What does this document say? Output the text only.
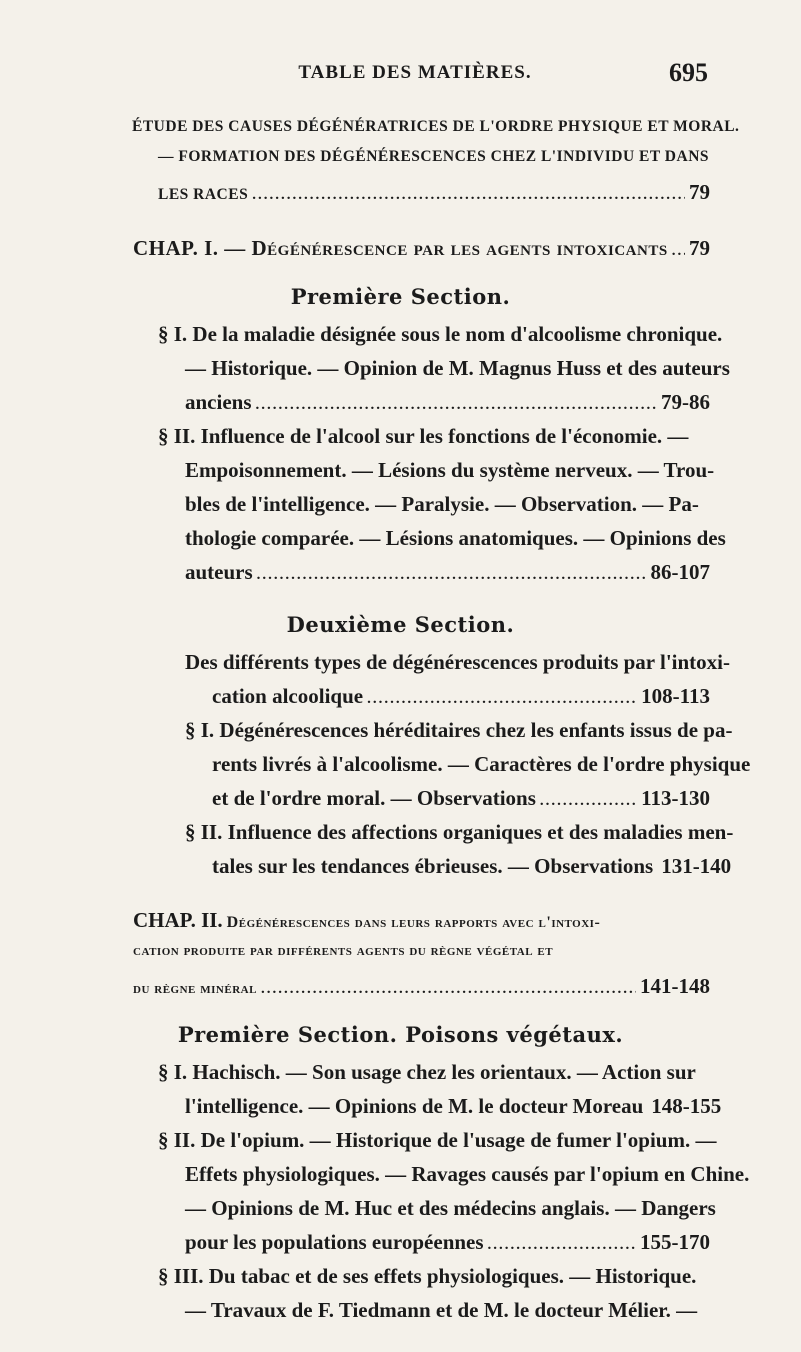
TABLE DES MATIÈRES.	695
ÉTUDE DES CAUSES DÉGÉNÉRATRICES DE L'ORDRE PHYSIQUE ET MORAL.
— FORMATION DES DÉGÉNÉRESCENCES CHEZ L'INDIVIDU ET DANS
LES RACES .....	79
CHAP. I. — Dégénérescence par les agents intoxicants ..... 79
Première Section.
§ I. De la maladie désignée sous le nom d'alcoolisme chronique.
— Historique. — Opinion de M. Magnus Huss et des auteurs
anciens .....	79-86
§ II. Influence de l'alcool sur les fonctions de l'économie. —
Empoisonnement. — Lésions du système nerveux. — Trou-
bles de l'intelligence. — Paralysie. — Observation. — Pa-
thologie comparée. — Lésions anatomiques. — Opinions des
auteurs .....	86-107
Deuxième Section.
Des différents types de dégénérescences produits par l'intoxi-
cation alcoolique .....	108-113
§ I. Dégénérescences héréditaires chez les enfants issus de pa-
rents livrés à l'alcoolisme. — Caractères de l'ordre physique
et de l'ordre moral. — Observations .....	113-130
§ II. Influence des affections organiques et des maladies men-
tales sur les tendances ébrieuses. — Observations 131-140
CHAP. II. Dégénérescences dans leurs rapports avec l'intoxi-
cation produite par différents agents du règne végétal et
du règne minéral .....	141-148
Première Section. Poisons végétaux.
§ I. Hachisch. — Son usage chez les orientaux. — Action sur
l'intelligence. — Opinions de M. le docteur Moreau 148-155
§ II. De l'opium. — Historique de l'usage de fumer l'opium. —
Effets physiologiques. — Ravages causés par l'opium en Chine.
— Opinions de M. Huc et des médecins anglais. — Dangers
pour les populations européennes .....	155-170
§ III. Du tabac et de ses effets physiologiques. — Historique.
— Travaux de F. Tiedmann et de M. le docteur Mélier. —
